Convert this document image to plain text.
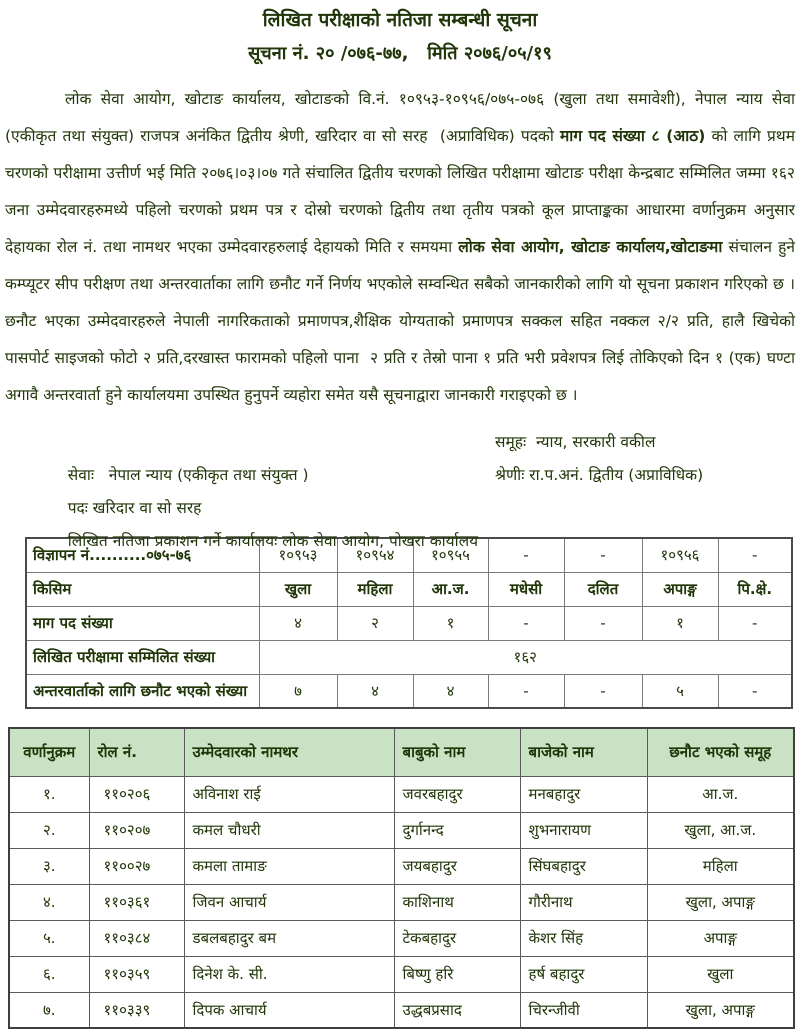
लिखित परीक्षाको नतिजा सम्बन्धी सूचना
सूचना नं. २० /०७६-७७,   मिति २०७६/०५/१९

लोक सेवा आयोग, खोटाङ कार्यालय, खोटाङको वि.नं. १०९५३-१०९५६/०७५-०७६ (खुला तथा समावेशी), नेपाल न्याय सेवा (एकीकृत तथा संयुक्त) राजपत्र अनंकित द्वितीय श्रेणी, खरिदार वा सो सरह  (अप्राविधिक) पदको माग पद संख्या ८ (आठ) को लागि प्रथम चरणको परीक्षामा उत्तीर्ण भई मिति २०७६।०३।०७ गते संचालित द्वितीय चरणको लिखित परीक्षामा खोटाङ परीक्षा केन्द्रबाट सम्मिलित जम्मा १६२ जना उम्मेदवारहरुमध्ये पहिलो चरणको प्रथम पत्र र दोस्रो चरणको द्वितीय तथा तृतीय पत्रको कूल प्राप्ताङ्कका आधारमा वर्णानुक्रम अनुसार देहायका रोल नं. तथा नामथर भएका उम्मेदवारहरुलाई देहायको मिति र समयमा लोक सेवा आयोग, खोटाङ कार्यालय,खोटाङमा संचालन हुने कम्प्यूटर सीप परीक्षण तथा अन्तरवार्ताका लागि छनौट गर्ने निर्णय भएकोले सम्वन्धित सबैको जानकारीको लागि यो सूचना प्रकाशन गरिएको छ । छनौट भएका उम्मेदवारहरुले नेपाली नागरिकताको प्रमाणपत्र,शैक्षिक योग्यताको प्रमाणपत्र सक्कल सहित नक्कल २/२ प्रति, हालै खिचेको पासपोर्ट साइजको फोटो २ प्रति,दरखास्त फारामको पहिलो पाना  २ प्रति र तेस्रो पाना १ प्रति भरी प्रवेशपत्र लिई तोकिएको दिन १ (एक) घण्टा अगावै अन्तरवार्ता हुने कार्यालयमा उपस्थित हुनुपर्ने व्यहोरा समेत यसै सूचनाद्वारा जानकारी गराइएको छ ।

सेवाः   नेपाल न्याय (एकीकृत तथा संयुक्त )

समूहः  न्याय, सरकारी वकील

पदः खरिदार वा सो सरह

श्रेणीः रा.प.अनं. द्वितीय (अप्राविधिक)

लिखित नतिजा प्रकाशन गर्ने कार्यालयः लोक सेवा आयोग, पोखरा कार्यालय

विज्ञापन नं..........०७५-७६	१०९५३	१०९५४	१०९५५	-	-	१०९५६	-
किसिम	खुला	महिला	आ.ज.	मधेसी	दलित	अपाङ्ग	पि.क्षे.
माग पद संख्या	४	२	१	-	-	१	-
लिखित परीक्षामा सम्मिलित संख्या	१६२						
अन्तरवार्ताको लागि छनौट भएको संख्या	७	४	४	-	-	५	-
वर्णानुक्रम	रोल नं.	उम्मेदवारको नामथर	बाबुको नाम	बाजेको नाम	छनौट भएको समूह
१.	११०२०६	अविनाश राई	जवरबहादुर	मनबहादुर	आ.ज.
२.	११०२०७	कमल चौधरी	दुर्गानन्द	शुभनारायण	खुला, आ.ज.
३.	११००२७	कमला तामाङ	जयबहादुर	सिंघबहादुर	महिला
४.	११०३६१	जिवन आचार्य	काशिनाथ	गौरीनाथ	खुला, अपाङ्ग
५.	११०३८४	डबलबहादुर बम	टेकबहादुर	केशर सिंह	अपाङ्ग
६.	११०३५९	दिनेश के. सी.	बिष्णु हरि	हर्ष बहादुर	खुला
७.	११०३३९	दिपक आचार्य	उद्धबप्रसाद	चिरन्जीवी	खुला, अपाङ्ग
